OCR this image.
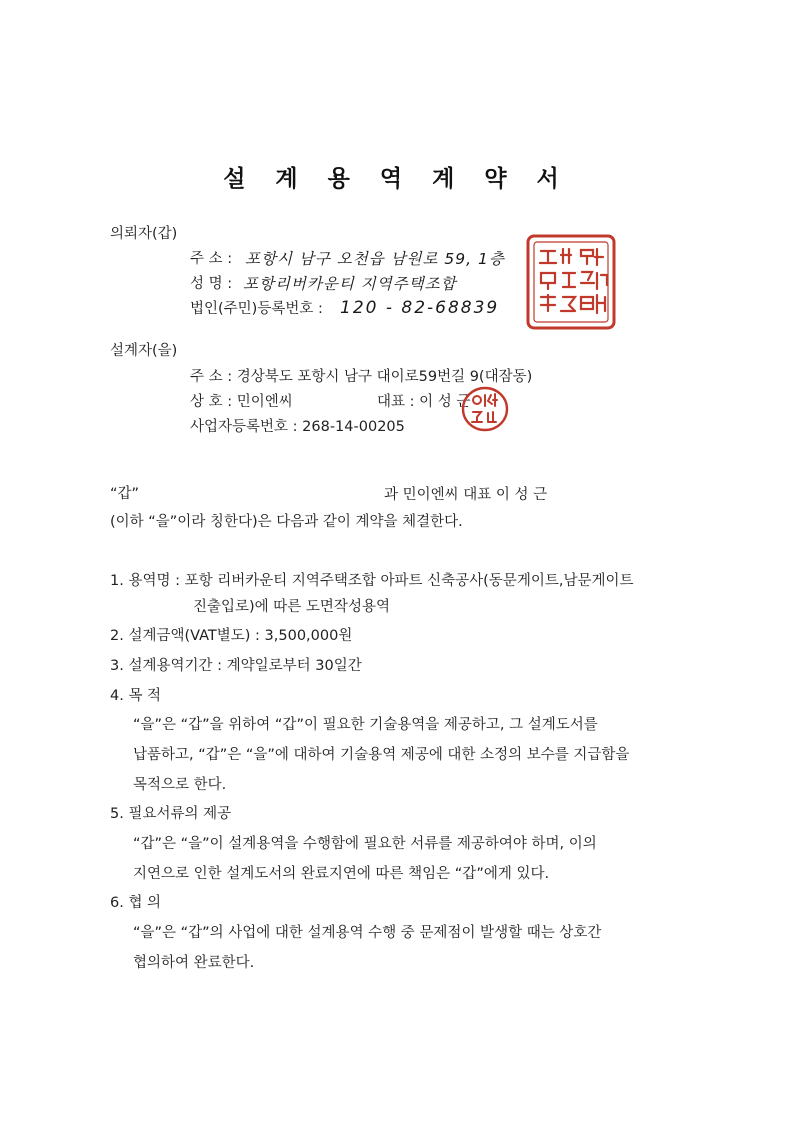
설 계 용 역 계 약 서
의뢰자(갑)
주 소 : 포항시 남구 오천읍 남원로 59, 1층
성 명 : 포항리버카운티 지역주택조합
법인(주민)등록번호 : 120 - 82-68839
설계자(을)
주 소 : 경상북도 포항시 남구 대이로59번길 9(대잠동)
상 호 : 민이엔씨	대표 : 이 성 근
사업자등록번호 : 268-14-00205
“갑”	과 민이엔씨 대표 이 성 근
(이하 “을”이라 칭한다)은 다음과 같이 계약을 체결한다.
1. 용역명 : 포항 리버카운티 지역주택조합 아파트 신축공사(동문게이트,남문게이트
진출입로)에 따른 도면작성용역
2. 설계금액(VAT별도) : 3,500,000원
3. 설계용역기간 : 계약일로부터 30일간
4. 목 적
“을”은 “갑”을 위하여 “갑”이 필요한 기술용역을 제공하고, 그 설계도서를
납품하고, “갑”은 “을”에 대하여 기술용역 제공에 대한 소정의 보수를 지급함을
목적으로 한다.
5. 필요서류의 제공
“갑”은 “을”이 설계용역을 수행함에 필요한 서류를 제공하여야 하며, 이의
지연으로 인한 설계도서의 완료지연에 따른 책임은 “갑”에게 있다.
6. 협 의
“을”은 “갑”의 사업에 대한 설계용역 수행 중 문제점이 발생할 때는 상호간
협의하여 완료한다.
